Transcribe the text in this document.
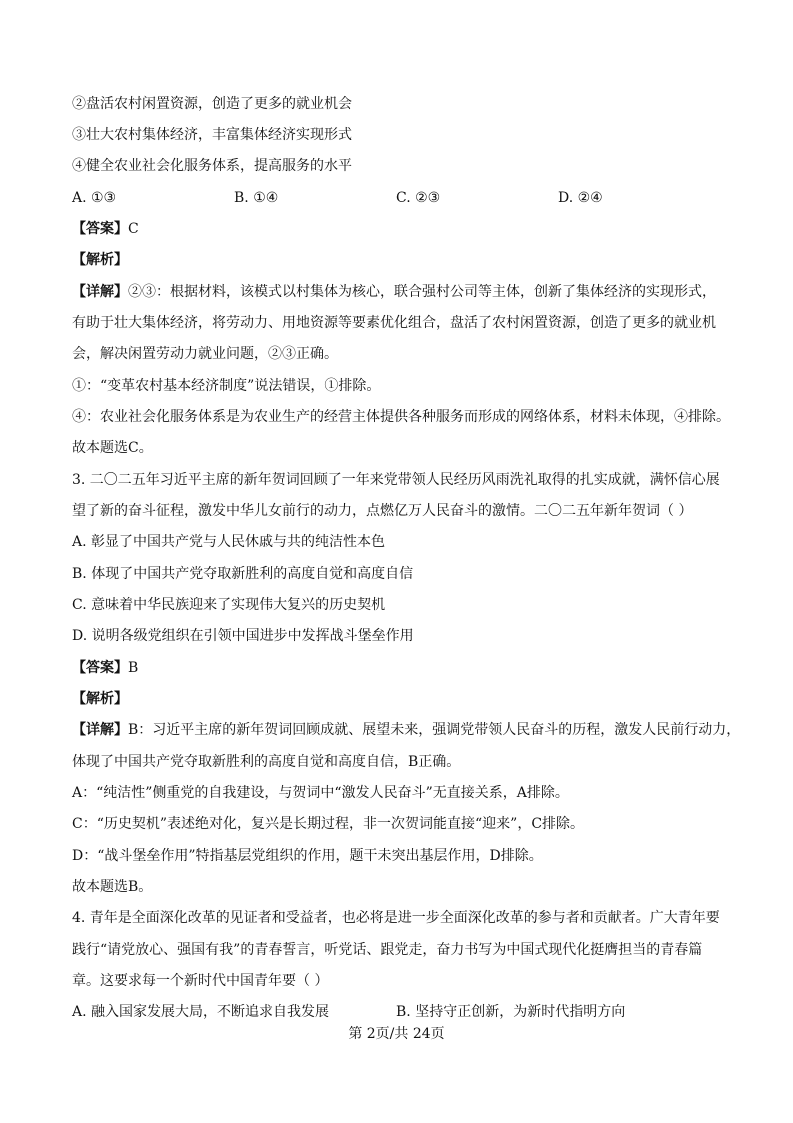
②盘活农村闲置资源，创造了更多的就业机会
③壮大农村集体经济，丰富集体经济实现形式
④健全农业社会化服务体系，提高服务的水平
A. ①③	B. ①④	C. ②③	D. ②④
【答案】C
【解析】
【详解】②③：根据材料，该模式以村集体为核心，联合强村公司等主体，创新了集体经济的实现形式，
有助于壮大集体经济，将劳动力、用地资源等要素优化组合，盘活了农村闲置资源，创造了更多的就业机
会，解决闲置劳动力就业问题，②③正确。
①：“变革农村基本经济制度”说法错误，①排除。
④：农业社会化服务体系是为农业生产的经营主体提供各种服务而形成的网络体系，材料未体现，④排除。
故本题选C。
3. 二〇二五年习近平主席的新年贺词回顾了一年来党带领人民经历风雨洗礼取得的扎实成就，满怀信心展
望了新的奋斗征程，激发中华儿女前行的动力，点燃亿万人民奋斗的激情。二〇二五年新年贺词（ ）
A. 彰显了中国共产党与人民休戚与共的纯洁性本色
B. 体现了中国共产党夺取新胜利的高度自觉和高度自信
C. 意味着中华民族迎来了实现伟大复兴的历史契机
D. 说明各级党组织在引领中国进步中发挥战斗堡垒作用
【答案】B
【解析】
【详解】B：习近平主席的新年贺词回顾成就、展望未来，强调党带领人民奋斗的历程，激发人民前行动力，
体现了中国共产党夺取新胜利的高度自觉和高度自信，B正确。
A：“纯洁性”侧重党的自我建设，与贺词中“激发人民奋斗”无直接关系，A排除。
C：“历史契机”表述绝对化，复兴是长期过程，非一次贺词能直接“迎来”，C排除。
D：“战斗堡垒作用”特指基层党组织的作用，题干未突出基层作用，D排除。
故本题选B。
4. 青年是全面深化改革的见证者和受益者，也必将是进一步全面深化改革的参与者和贡献者。广大青年要
践行“请党放心、强国有我”的青春誓言，听党话、跟党走，奋力书写为中国式现代化挺膺担当的青春篇
章。这要求每一个新时代中国青年要（ ）
A. 融入国家发展大局，不断追求自我发展	B. 坚持守正创新，为新时代指明方向
第 2页/共 24页
